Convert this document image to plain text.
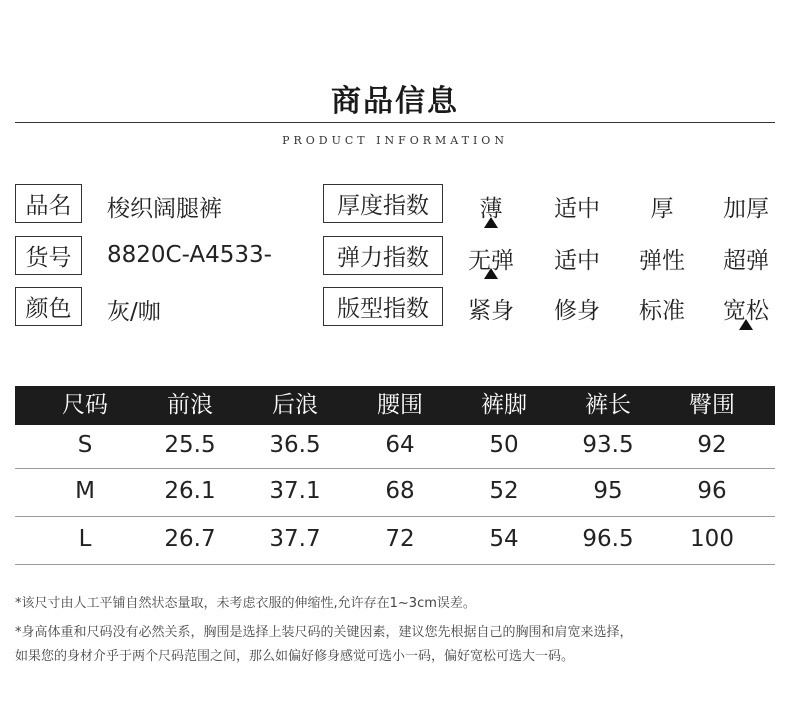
商品信息
PRODUCT INFORMATION
品名	梭织阔腿裤
货号	8820C-A4533-
颜色	灰/咖
厚度指数	薄	适中	厚	加厚
弹力指数	无弹	适中	弹性	超弹
版型指数	紧身	修身	标准	宽松
尺码	前浪	后浪	腰围	裤脚	裤长	臀围
S	25.5	36.5	64	50	93.5	92
M	26.1	37.1	68	52	95	96
L	26.7	37.7	72	54	96.5	100
*该尺寸由人工平铺自然状态量取，未考虑衣服的伸缩性,允许存在1~3cm误差。
*身高体重和尺码没有必然关系，胸围是选择上装尺码的关键因素，建议您先根据自己的胸围和肩宽来选择，
如果您的身材介乎于两个尺码范围之间，那么如偏好修身感觉可选小一码，偏好宽松可选大一码。
